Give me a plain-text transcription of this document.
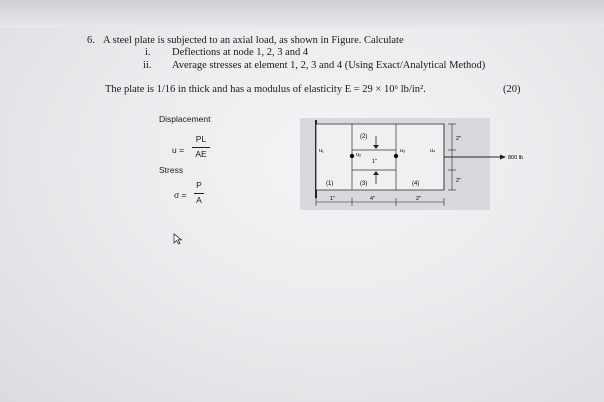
6. A steel plate is subjected to an axial load, as shown in Figure. Calculate
i. Deflections at node 1, 2, 3 and 4
ii. Average stresses at element 1, 2, 3 and 4 (Using Exact/Analytical Method)
The plate is 1/16 in thick and has a modulus of elasticity E = 29 × 10⁶ lb/in².	(20)
Displacement
u =
PL
AE
Stress
σ =
P
A
(2)
(1)	(3)	(4)
u₁
u₂
u₃	u₄
1"
800 lb
2"
2"
1"	4"	2"
